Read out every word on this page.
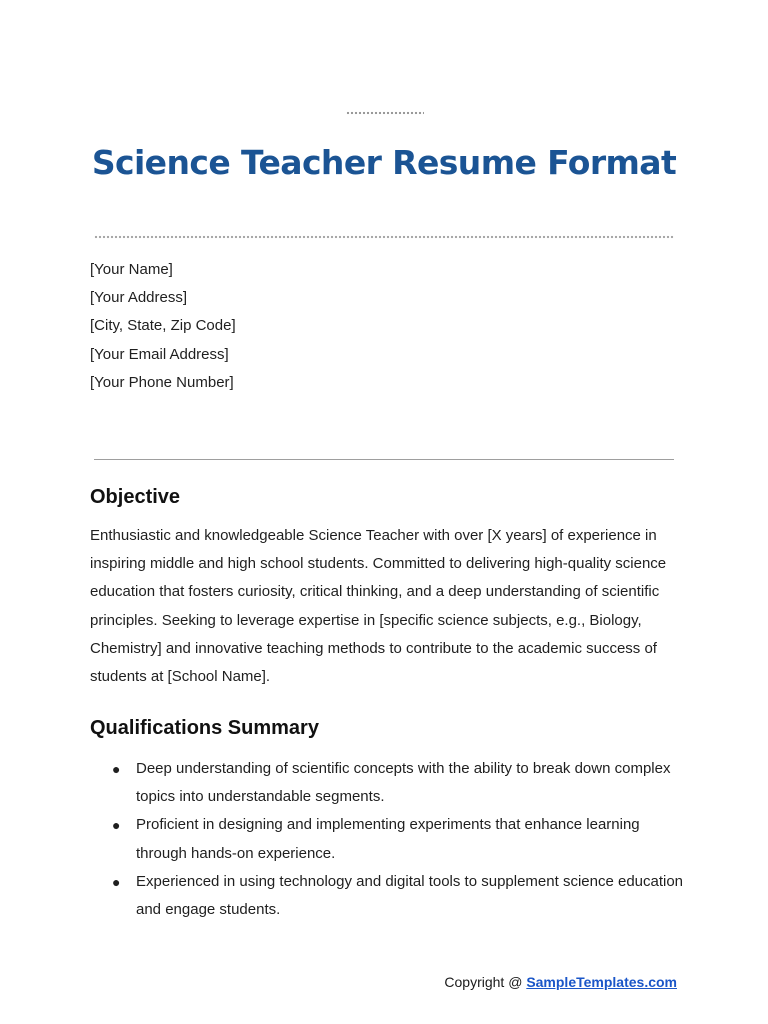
Science Teacher Resume Format
[Your Name]
[Your Address]
[City, State, Zip Code]
[Your Email Address]
[Your Phone Number]
Objective

Enthusiastic and knowledgeable Science Teacher with over [X years] of experience in inspiring middle and high school students. Committed to delivering high-quality science education that fosters curiosity, critical thinking, and a deep understanding of scientific principles. Seeking to leverage expertise in [specific science subjects, e.g., Biology, Chemistry] and innovative teaching methods to contribute to the academic success of students at [School Name].

Qualifications Summary
● Deep understanding of scientific concepts with the ability to break down complex topics into understandable segments.
● Proficient in designing and implementing experiments that enhance learning through hands-on experience.
● Experienced in using technology and digital tools to supplement science education and engage students.
Copyright @ SampleTemplates.com
